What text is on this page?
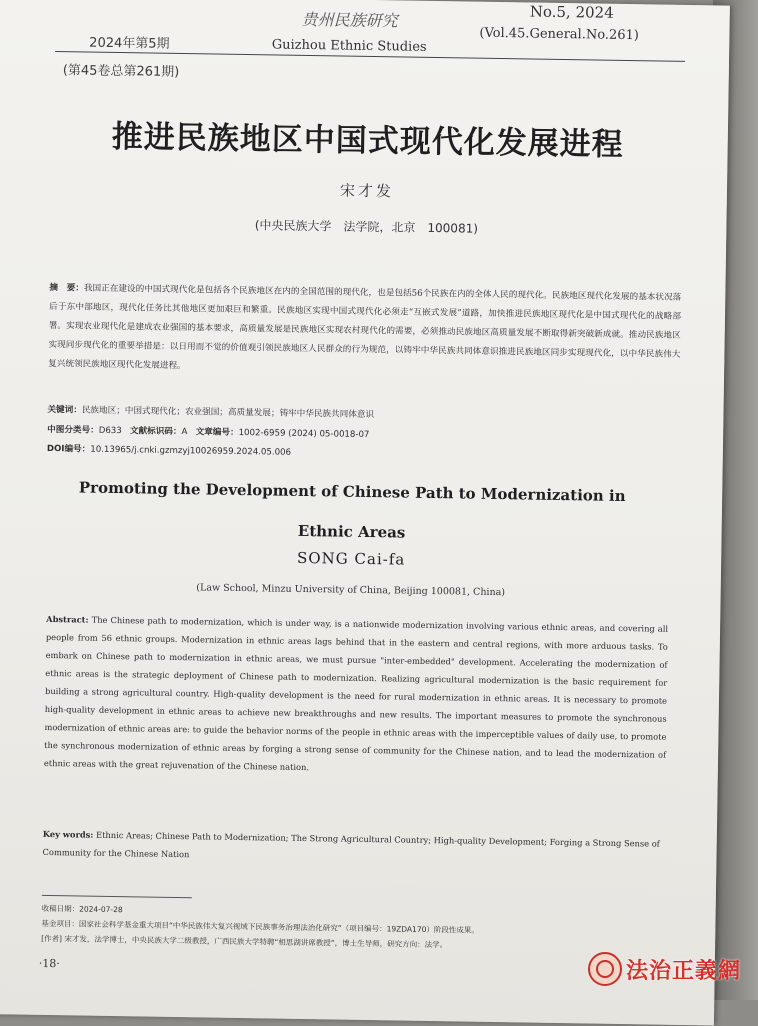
2024年第5期
(第45卷总第261期)
贵州民族研究
Guizhou Ethnic Studies
No.5, 2024
(Vol.45.General.No.261)
推进民族地区中国式现代化发展进程
宋才发
(中央民族大学　法学院，北京　100081)
摘　要：我国正在建设的中国式现代化是包括各个民族地区在内的全国范围的现代化，也是包括56个民族在内的全体人民的现代化。民族地区现代化发展的基本状况落后于东中部地区，现代化任务比其他地区更加艰巨和繁重。民族地区实现中国式现代化必须走“互嵌式发展”道路，加快推进民族地区现代化是中国式现代化的战略部署。实现农业现代化是建成农业强国的基本要求，高质量发展是民族地区实现农村现代化的需要，必须推动民族地区高质量发展不断取得新突破新成就。推动民族地区实现同步现代化的重要举措是：以日用而不觉的价值观引领民族地区人民群众的行为规范，以铸牢中华民族共同体意识推进民族地区同步实现现代化，以中华民族伟大复兴统领民族地区现代化发展进程。
关键词：民族地区；中国式现代化；农业强国；高质量发展；铸牢中华民族共同体意识
中图分类号：D633 文献标识码：A 文章编号：1002-6959 (2024) 05-0018-07
DOI编号：10.13965/j.cnki.gzmzyj10026959.2024.05.006
Promoting the Development of Chinese Path to Modernization in
Ethnic Areas
SONG Cai-fa
(Law School, Minzu University of China, Beijing 100081, China)
Abstract: The Chinese path to modernization, which is under way, is a nationwide modernization involving various ethnic areas, and covering all people from 56 ethnic groups. Modernization in ethnic areas lags behind that in the eastern and central regions, with more arduous tasks. To embark on Chinese path to modernization in ethnic areas, we must pursue "inter-embedded" development. Accelerating the modernization of ethnic areas is the strategic deployment of Chinese path to modernization. Realizing agricultural modernization is the basic requirement for building a strong agricultural country. High-quality development is the need for rural modernization in ethnic areas. It is necessary to promote high-quality development in ethnic areas to achieve new breakthroughs and new results. The important measures to promote the synchronous modernization of ethnic areas are: to guide the behavior norms of the people in ethnic areas with the imperceptible values of daily use, to promote the synchronous modernization of ethnic areas by forging a strong sense of community for the Chinese nation, and to lead the modernization of ethnic areas with the great rejuvenation of the Chinese nation.
Key words: Ethnic Areas; Chinese Path to Modernization; The Strong Agricultural Country; High-quality Development; Forging a Strong Sense of Community for the Chinese Nation
收稿日期：2024-07-28
基金项目：国家社会科学基金重大项目“中华民族伟大复兴视域下民族事务治理法治化研究”（项目编号：19ZDA170）阶段性成果。
[作者] 宋才发，法学博士，中央民族大学二级教授，广西民族大学特聘“相思湖讲席教授”，博士生导师，研究方向：法学。
·18·	法治正義網
